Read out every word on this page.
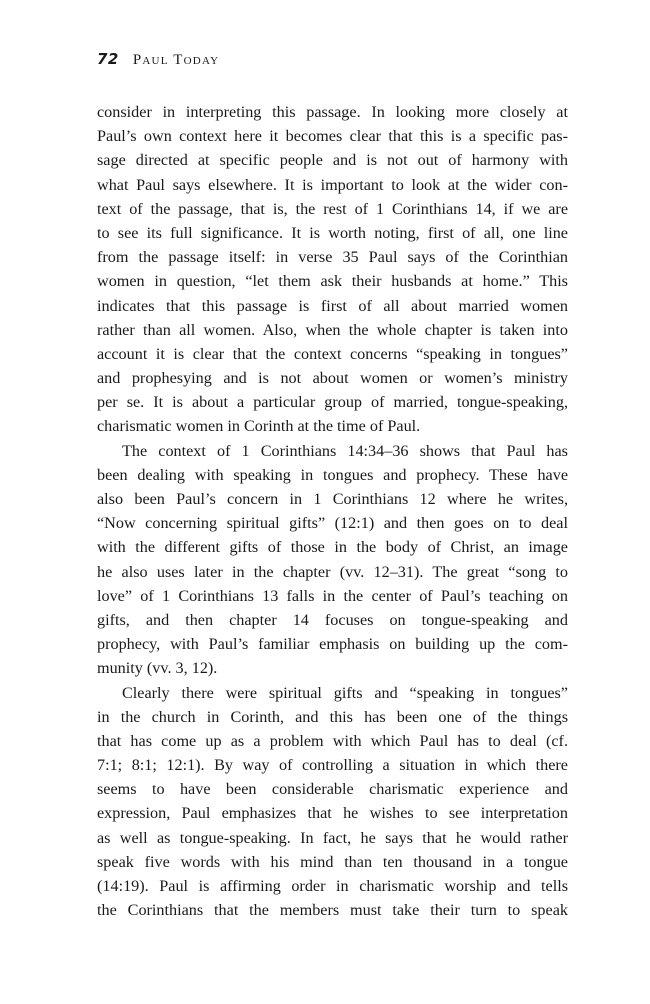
72 Paul Today
consider in interpreting this passage. In looking more closely at
Paul’s own context here it becomes clear that this is a specific pas-
sage directed at specific people and is not out of harmony with
what Paul says elsewhere. It is important to look at the wider con-
text of the passage, that is, the rest of 1 Corinthians 14, if we are
to see its full significance. It is worth noting, first of all, one line
from the passage itself: in verse 35 Paul says of the Corinthian
women in question, “let them ask their husbands at home.” This
indicates that this passage is first of all about married women
rather than all women. Also, when the whole chapter is taken into
account it is clear that the context concerns “speaking in tongues”
and prophesying and is not about women or women’s ministry
per se. It is about a particular group of married, tongue-speaking,
charismatic women in Corinth at the time of Paul.
The context of 1 Corinthians 14:34–36 shows that Paul has
been dealing with speaking in tongues and prophecy. These have
also been Paul’s concern in 1 Corinthians 12 where he writes,
“Now concerning spiritual gifts” (12:1) and then goes on to deal
with the different gifts of those in the body of Christ, an image
he also uses later in the chapter (vv. 12–31). The great “song to
love” of 1 Corinthians 13 falls in the center of Paul’s teaching on
gifts, and then chapter 14 focuses on tongue-speaking and
prophecy, with Paul’s familiar emphasis on building up the com-
munity (vv. 3, 12).
Clearly there were spiritual gifts and “speaking in tongues”
in the church in Corinth, and this has been one of the things
that has come up as a problem with which Paul has to deal (cf.
7:1; 8:1; 12:1). By way of controlling a situation in which there
seems to have been considerable charismatic experience and
expression, Paul emphasizes that he wishes to see interpretation
as well as tongue-speaking. In fact, he says that he would rather
speak five words with his mind than ten thousand in a tongue
(14:19). Paul is affirming order in charismatic worship and tells
the Corinthians that the members must take their turn to speak
